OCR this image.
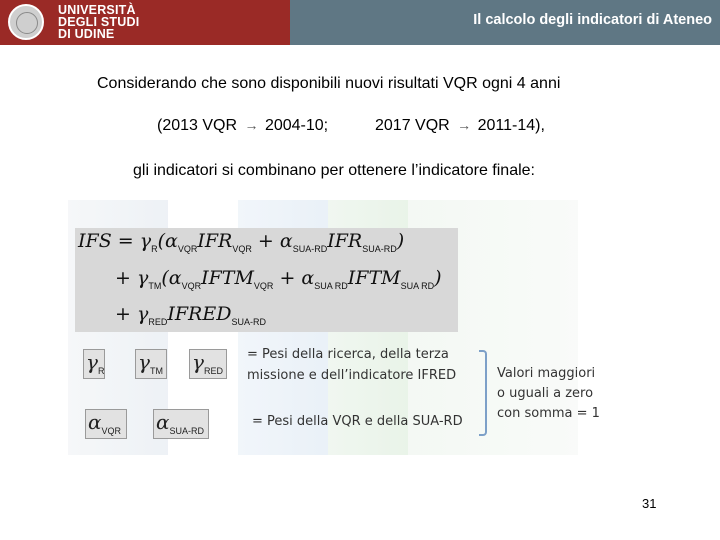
UNIVERSITÀ
DEGLI STUDI
DI UDINE
Il calcolo degli indicatori di Ateneo
Considerando che sono disponibili nuovi risultati VQR ogni 4 anni
(2013 VQR → 2004-10;	2017 VQR → 2011-14),
gli indicatori si combinano per ottenere l’indicatore finale:
IFS = $\gamma_R(\alpha_{VQR}IFR_{VQR} + \alpha_{SUA-RD}IFR_{SUA-RD})$
+ $\gamma_{TM}(\alpha_{VQR}IFTM_{VQR}$ + $\alpha_{SUA RD}IFTM_{SUA RD}$)
+ $\gamma_{RED}IFRED_{SUA-RD}$
$\gamma_R$ $\gamma_{TM}$ $\gamma_{RED}$
$\alpha_{VQR}$ $\alpha_{SUA-RD}$
= Pesi della ricerca, della terza
missione e dell’indicatore IFRED
= Pesi della VQR e della SUA-RD
Valori maggiori
o uguali a zero
con somma = 1
31
